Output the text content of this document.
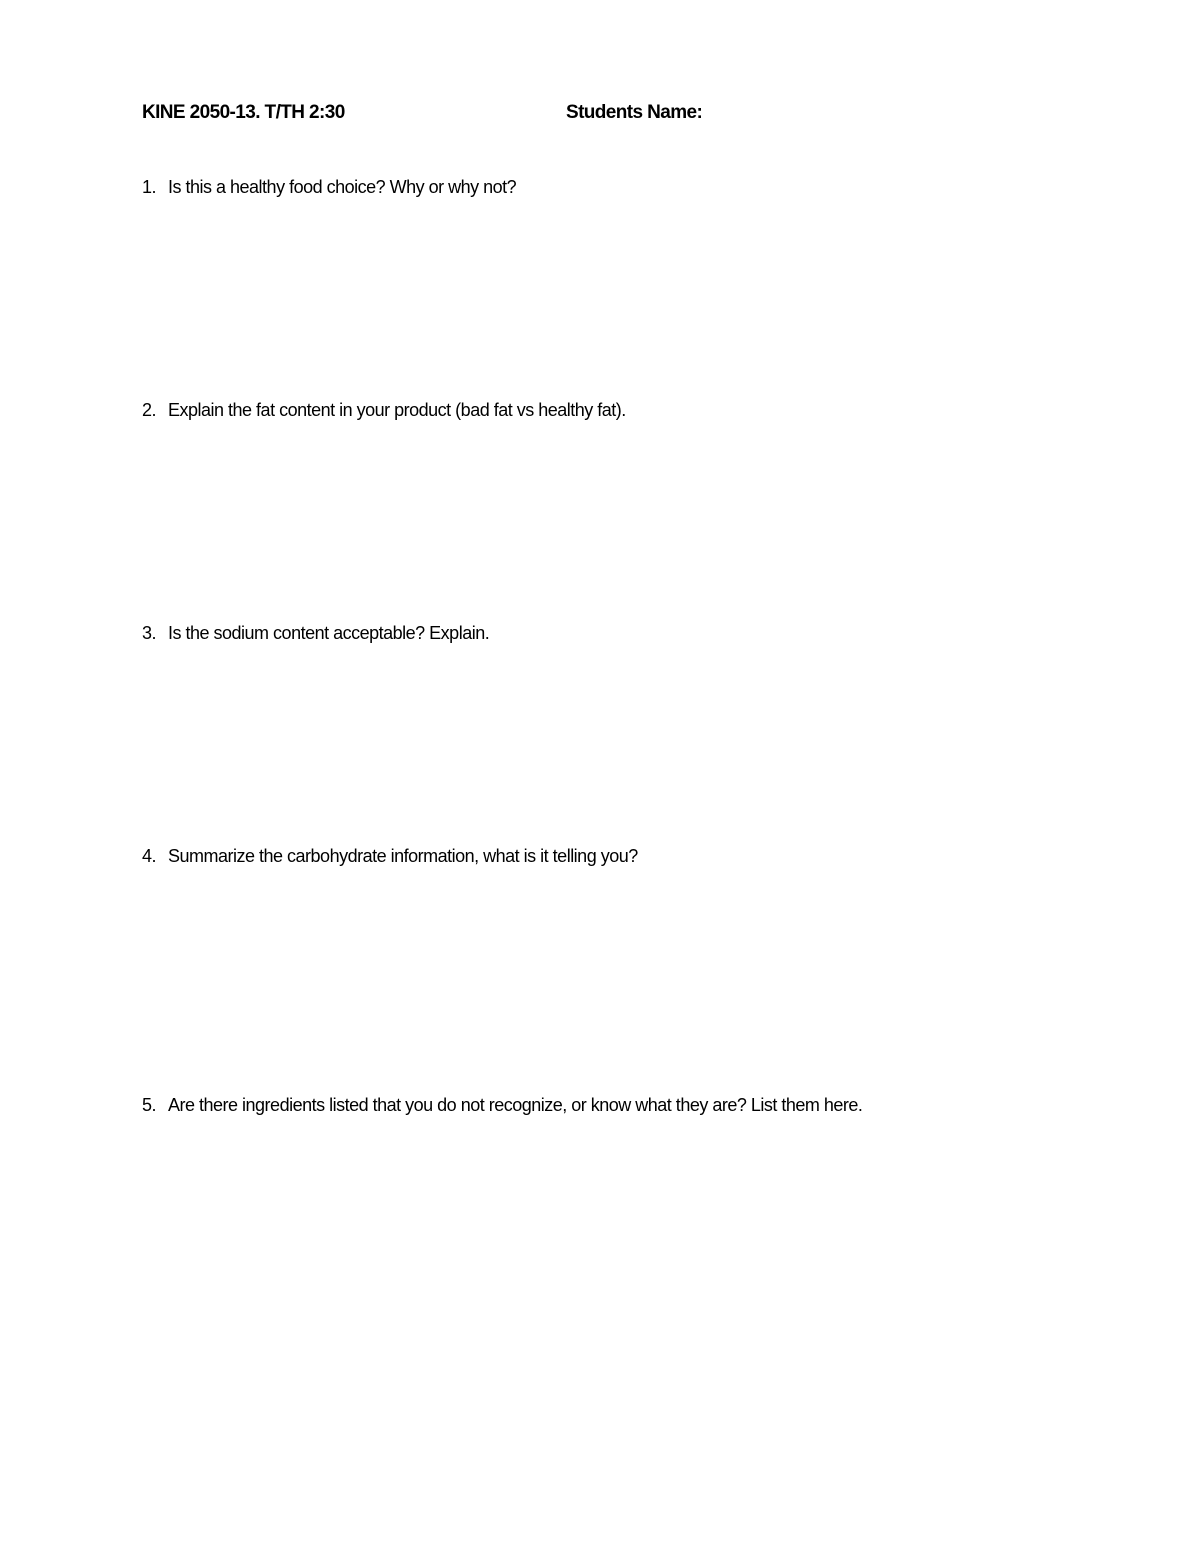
KINE 2050-13. T/TH 2:30	Students Name:
1. Is this a healthy food choice? Why or why not?
2. Explain the fat content in your product (bad fat vs healthy fat).
3. Is the sodium content acceptable? Explain.
4. Summarize the carbohydrate information, what is it telling you?
5. Are there ingredients listed that you do not recognize, or know what they are? List them here.
